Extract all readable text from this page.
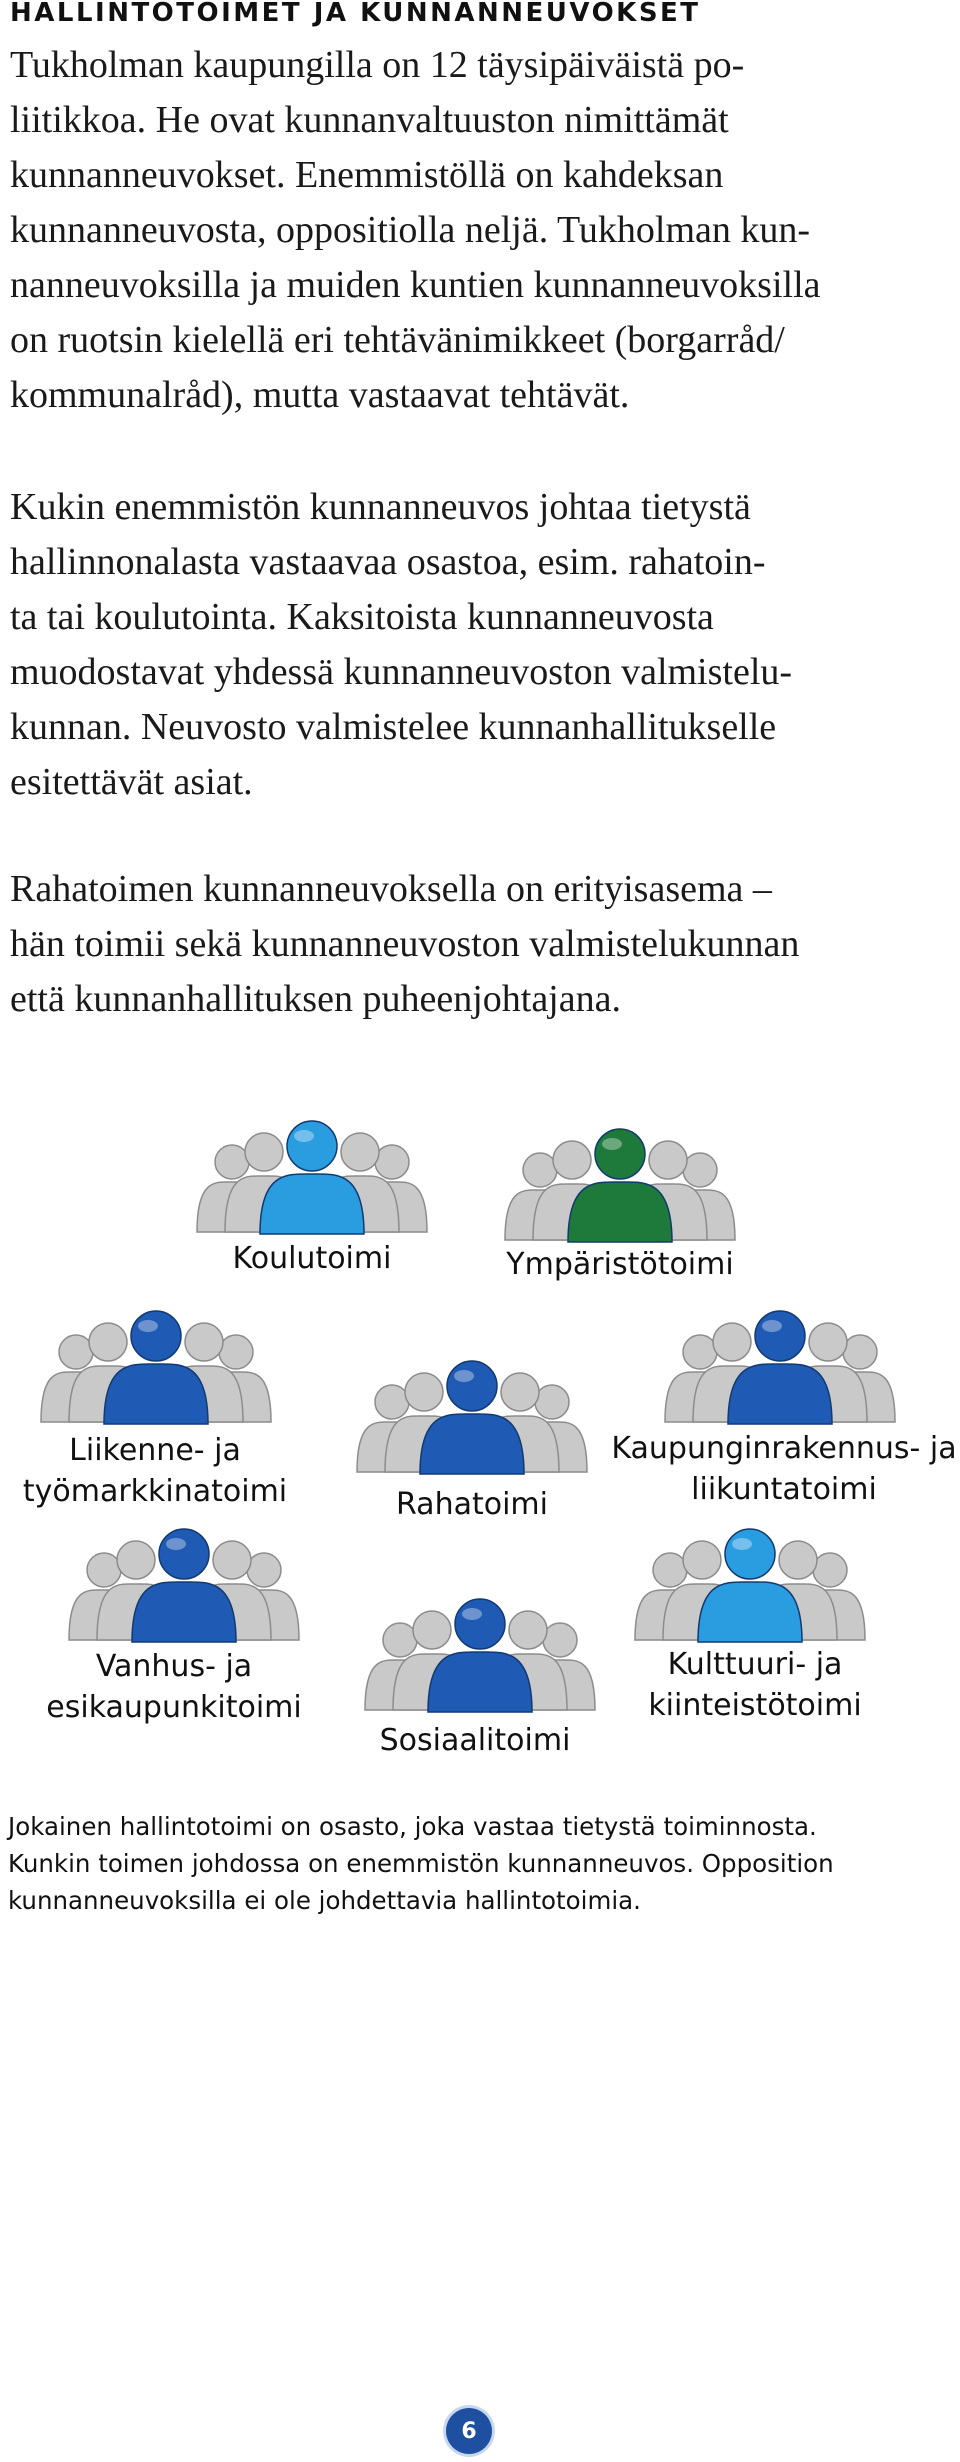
HALLINTOTOIMET JA KUNNANNEUVOKSET

Tukholman kaupungilla on 12 täysipäiväistä po-
liitikkoa. He ovat kunnanvaltuuston nimittämät
kunnanneuvokset. Enemmistöllä on kahdeksan
kunnanneuvosta, oppositiolla neljä. Tukholman kun-
nanneuvoksilla ja muiden kuntien kunnanneuvoksilla
on ruotsin kielellä eri tehtävänimikkeet (borgarråd/
kommunalråd), mutta vastaavat tehtävät.

Kukin enemmistön kunnanneuvos johtaa tietystä
hallinnonalasta vastaavaa osastoa, esim. rahatoin-
ta tai koulutointa. Kaksitoista kunnanneuvosta
muodostavat yhdessä kunnanneuvoston valmistelu-
kunnan. Neuvosto valmistelee kunnanhallitukselle
esitettävät asiat.

Rahatoimen kunnanneuvoksella on erityisasema –
hän toimii sekä kunnanneuvoston valmistelukunnan
että kunnanhallituksen puheenjohtajana.

Koulutoimi	Ympäristötoimi
Liikenne- ja
työmarkkinatoimi	Rahatoimi
Kaupunginrakennus- ja
liikuntatoimi
Vanhus- ja
esikaupunkitoimi
Sosiaalitoimi
Kulttuuri- ja
kiinteistötoimi

Jokainen hallintotoimi on osasto, joka vastaa tietystä toiminnosta.
Kunkin toimen johdossa on enemmistön kunnanneuvos. Opposition
kunnanneuvoksilla ei ole johdettavia hallintotoimia.

6
